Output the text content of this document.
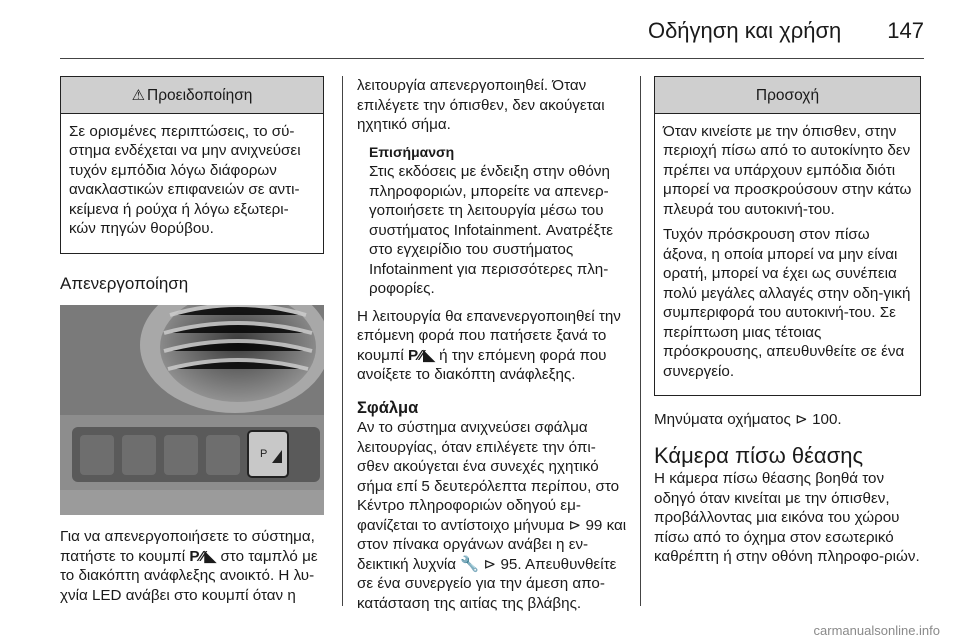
Οδήγηση και χρήση 147
⚠ Προειδοποίηση

Σε ορισμένες περιπτώσεις, το σύ-στημα ενδέχεται να μην ανιχνεύσει τυχόν εμπόδια λόγω διάφορων ανακλαστικών επιφανειών σε αντι-κείμενα ή ρούχα ή λόγω εξωτερι-κών πηγών θορύβου.

Απενεργοποίηση
P

Για να απενεργοποιήσετε το σύστημα, πατήστε το κουμπί P⁄⁄◣ στο ταμπλό με το διακόπτη ανάφλεξης ανοικτό. Η λυ-χνία LED ανάβει στο κουμπί όταν η

λειτουργία απενεργοποιηθεί. Όταν επιλέγετε την όπισθεν, δεν ακούγεται ηχητικό σήμα.

Επισήμανση

Στις εκδόσεις με ένδειξη στην οθόνη πληροφοριών, μπορείτε να απενερ-γοποιήσετε τη λειτουργία μέσω του συστήματος Infotainment. Ανατρέξτε στο εγχειρίδιο του συστήματος Infotainment για περισσότερες πλη-ροφορίες.

Η λειτουργία θα επανενεργοποιηθεί την επόμενη φορά που πατήσετε ξανά το κουμπί P⁄⁄◣ ή την επόμενη φορά που ανοίξετε το διακόπτη ανάφλεξης.

Σφάλμα

Αν το σύστημα ανιχνεύσει σφάλμα λειτουργίας, όταν επιλέγετε την όπι-σθεν ακούγεται ένα συνεχές ηχητικό σήμα επί 5 δευτερόλεπτα περίπου, στο Κέντρο πληροφοριών οδηγού εμ-φανίζεται το αντίστοιχο μήνυμα ⊳ 99 και στον πίνακα οργάνων ανάβει η εν-δεικτική λυχνία 🔧 ⊳ 95. Απευθυνθείτε σε ένα συνεργείο για την άμεση απο-κατάσταση της αιτίας της βλάβης.

Προσοχή

Όταν κινείστε με την όπισθεν, στην περιοχή πίσω από το αυτοκίνητο δεν πρέπει να υπάρχουν εμπόδια διότι μπορεί να προσκρούσουν στην κάτω πλευρά του αυτοκινή-του.

Τυχόν πρόσκρουση στον πίσω άξονα, η οποία μπορεί να μην είναι ορατή, μπορεί να έχει ως συνέπεια πολύ μεγάλες αλλαγές στην οδη-γική συμπεριφορά του αυτοκινή-του. Σε περίπτωση μιας τέτοιας πρόσκρουσης, απευθυνθείτε σε ένα συνεργείο.

Μηνύματα οχήματος ⊳ 100.

Κάμερα πίσω θέασης

Η κάμερα πίσω θέασης βοηθά τον οδηγό όταν κινείται με την όπισθεν, προβάλλοντας μια εικόνα του χώρου πίσω από το όχημα στον εσωτερικό καθρέπτη ή στην οθόνη πληροφο-ριών.

carmanualsonline.info
